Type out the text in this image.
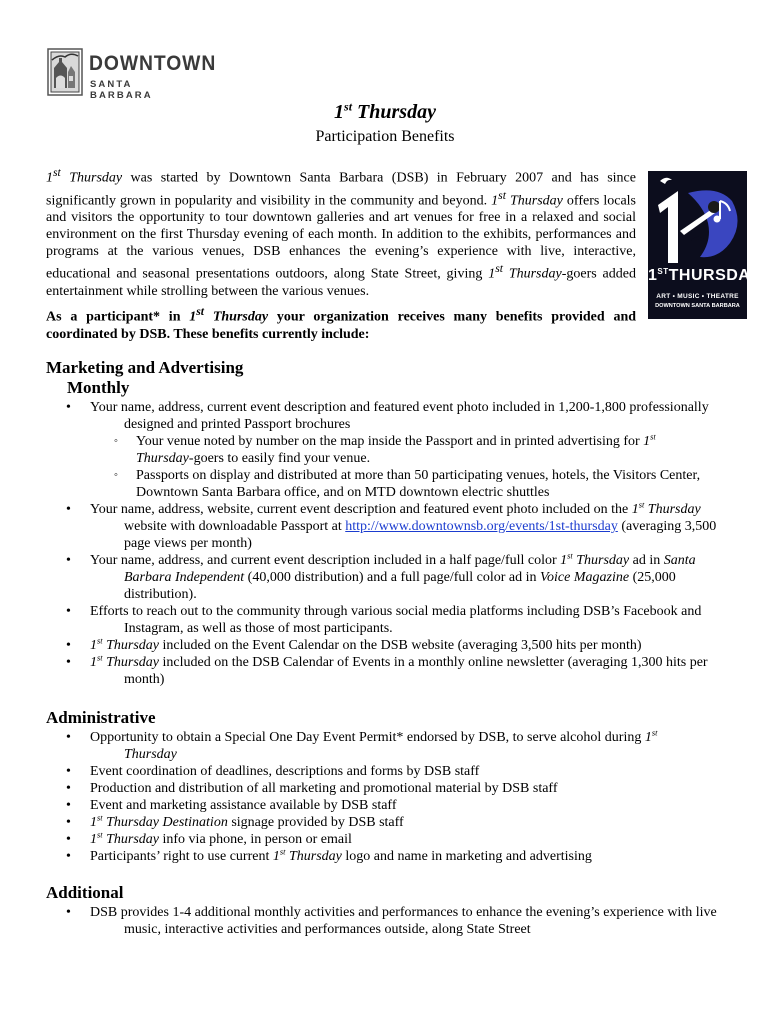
DOWNTOWN
SANTA BARBARA
1st Thursday
Participation Benefits
1st Thursday was started by Downtown Santa Barbara (DSB) in February 2007 and has since significantly grown in popularity and visibility in the community and beyond. 1st Thursday offers locals and visitors the opportunity to tour downtown galleries and art venues for free in a relaxed and social environment on the first Thursday evening of each month. In addition to the exhibits, performances and programs at the various venues, DSB enhances the evening’s experience with live, interactive, educational and seasonal presentations outdoors, along State Street, giving 1st Thursday-goers added entertainment while strolling between the various venues.
As a participant* in 1st Thursday your organization receives many benefits provided and coordinated by DSB. These benefits currently include:
1STTHURSDAY
ART • MUSIC • THEATRE
DOWNTOWN SANTA BARBARA
Marketing and Advertising
Monthly
• Your name, address, current event description and featured event photo included in 1,200-1,800 professionally designed and printed Passport brochures
◦ Your venue noted by number on the map inside the Passport and in printed advertising for 1st
Thursday-goers to easily find your venue.
◦ Passports on display and distributed at more than 50 participating venues, hotels, the Visitors Center, Downtown Santa Barbara office, and on MTD downtown electric shuttles
• Your name, address, website, current event description and featured event photo included on the 1st Thursday website with downloadable Passport at http://www.downtownsb.org/events/1st-thursday (averaging 3,500 page views per month)
• Your name, address, and current event description included in a half page/full color 1st Thursday ad in Santa Barbara Independent (40,000 distribution) and a full page/full color ad in Voice Magazine (25,000 distribution).
• Efforts to reach out to the community through various social media platforms including DSB’s Facebook and Instagram, as well as those of most participants.
• 1st Thursday included on the Event Calendar on the DSB website (averaging 3,500 hits per month)
• 1st Thursday included on the DSB Calendar of Events in a monthly online newsletter (averaging 1,300 hits per month)
Administrative
• Opportunity to obtain a Special One Day Event Permit* endorsed by DSB, to serve alcohol during 1st
Thursday
• Event coordination of deadlines, descriptions and forms by DSB staff
• Production and distribution of all marketing and promotional material by DSB staff
• Event and marketing assistance available by DSB staff
• 1st Thursday Destination signage provided by DSB staff
• 1st Thursday info via phone, in person or email
• Participants’ right to use current 1st Thursday logo and name in marketing and advertising
Additional
• DSB provides 1-4 additional monthly activities and performances to enhance the evening’s experience with live music, interactive activities and performances outside, along State Street
